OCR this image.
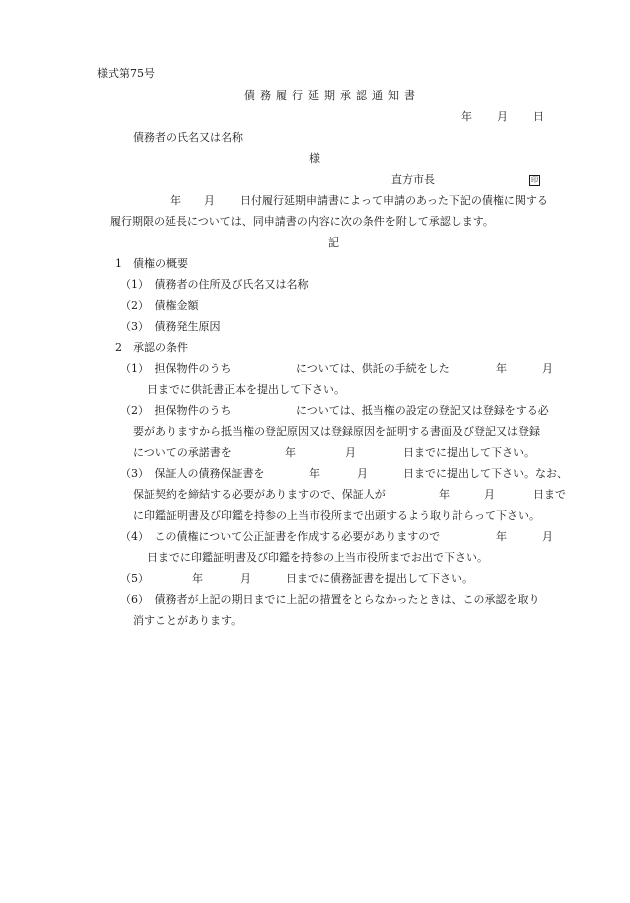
様式第75号
債務履行延期承認通知書
年 月 日
債務者の氏名又は名称
様
直方市長	印
年 月 日付履行延期申請書によって申請のあった下記の債権に関する
履行期限の延長については、同申請書の内容に次の条件を附して承認します。
記
1　債権の概要
（1）　債務者の住所及び氏名又は名称
（2）　債権金額
（3）　債務発生原因
2　承認の条件
（1）　担保物件のうち	については、供託の手続をした	年	月
日までに供託書正本を提出して下さい。
（2）　担保物件のうち	については、抵当権の設定の登記又は登録をする必
要がありますから抵当権の登記原因又は登録原因を証明する書面及び登記又は登録
についての承諾書を	年	月	日までに提出して下さい。
（3）　保証人の債務保証書を	年	月	日までに提出して下さい。なお、
保証契約を締結する必要がありますので、保証人が	年	月	日まで
に印鑑証明書及び印鑑を持参の上当市役所まで出頭するよう取り計らって下さい。
（4）　この債権について公正証書を作成する必要がありますので	年	月
日までに印鑑証明書及び印鑑を持参の上当市役所までお出で下さい。
（5）	年	月	日までに債務証書を提出して下さい。
（6）　債務者が上記の期日までに上記の措置をとらなかったときは、この承認を取り
消すことがあります。
